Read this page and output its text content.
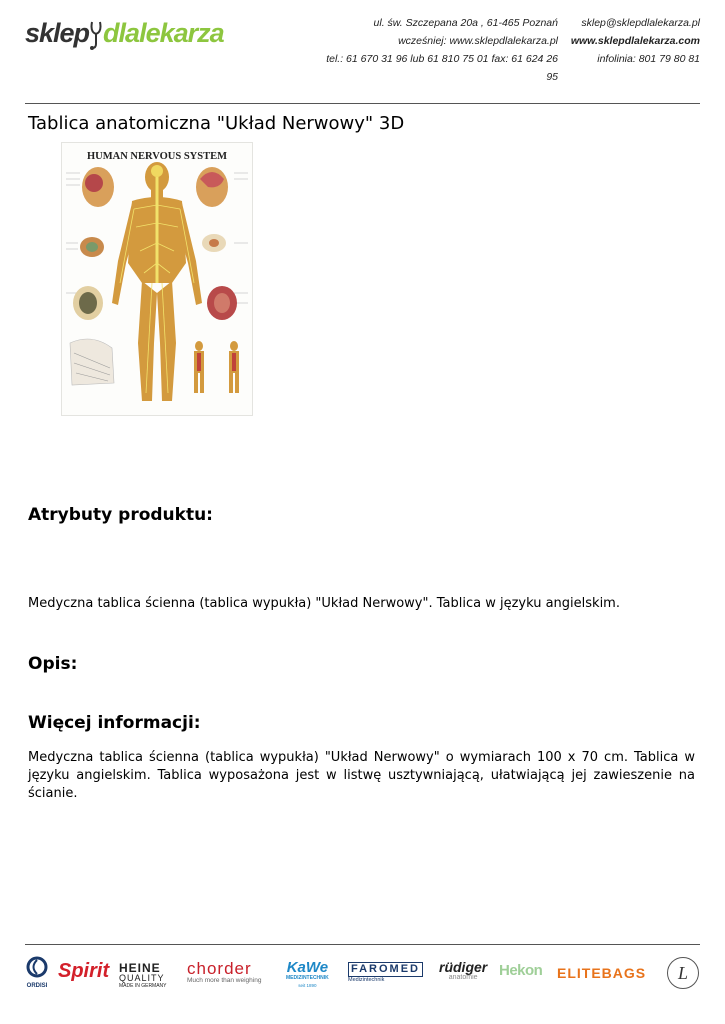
sklep dlalekarza	ul. św. Szczepana 20a , 61-465 Poznań
wcześniej: www.sklepdlalekarza.pl
tel.: 61 670 31 96 lub 61 810 75 01 fax: 61 624 26 95
sklep@sklepdlalekarza.pl
www.sklepdlalekarza.com
infolinia: 801 79 80 81
Tablica anatomiczna "Układ Nerwowy" 3D
HUMAN NERVOUS SYSTEM
Atrybuty produktu:

Medyczna tablica ścienna (tablica wypukła) "Układ Nerwowy". Tablica w języku angielskim.

Opis:
Więcej informacji:

Medyczna tablica ścienna (tablica wypukła) "Układ Nerwowy" o wymiarach 100 x 70 cm. Tablica w języku angielskim. Tablica wyposażona jest w listwę usztywniającą, ułatwiającą jej zawieszenie na ścianie.

ORDISI
Spirit HEINE
QUALITY
MADE IN GERMANY
chorder
Much more than weighing
KaWe
MEDIZINTECHNIK
seit 1890
FAROMED
Medizintechnik
rüdiger
anatomie	Hekon ELITEBAGS	L
